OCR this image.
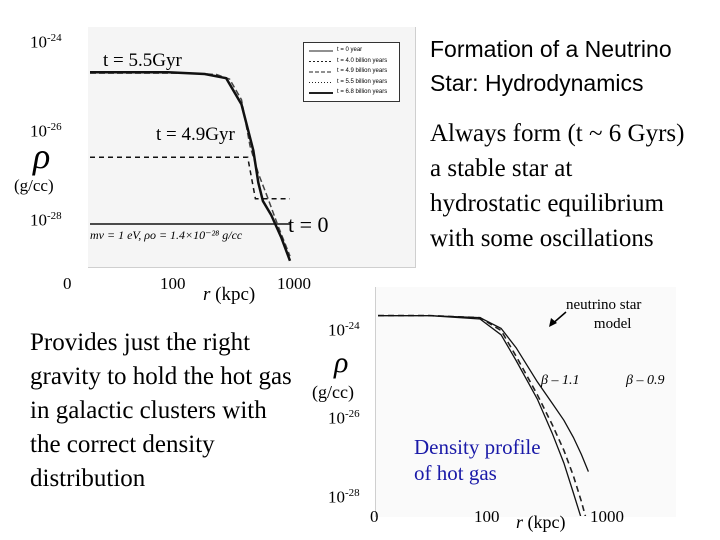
Formation of a Neutrino
Star: Hydrodynamics
Always form (t ~ 6 Gyrs)
a stable star at
hydrostatic equilibrium
with some oscillations
Provides just the right
gravity to hold the hot gas
in galactic clusters with
the correct density
distribution
$10^{-24}$
$10^{-26}$
$10^{-28}$
ρ
(g/cc)
0	100	1000
r (kpc)
t = 5.5Gyr
t = 4.9Gyr
t = 0
mν = 1 eV, ρo = 1.4×10⁻²⁸ g/cc
t = 0 year
t = 4.0 billion years
t = 4.9 billion years
t = 5.5 billion years
t = 6.8 billion years
$10^{-24}$
$10^{-26}$
$10^{-28}$
ρ
(g/cc)
0	100	1000
r (kpc)
neutrino star
model
β – 1.1	β – 0.9
Density profile
of hot gas
